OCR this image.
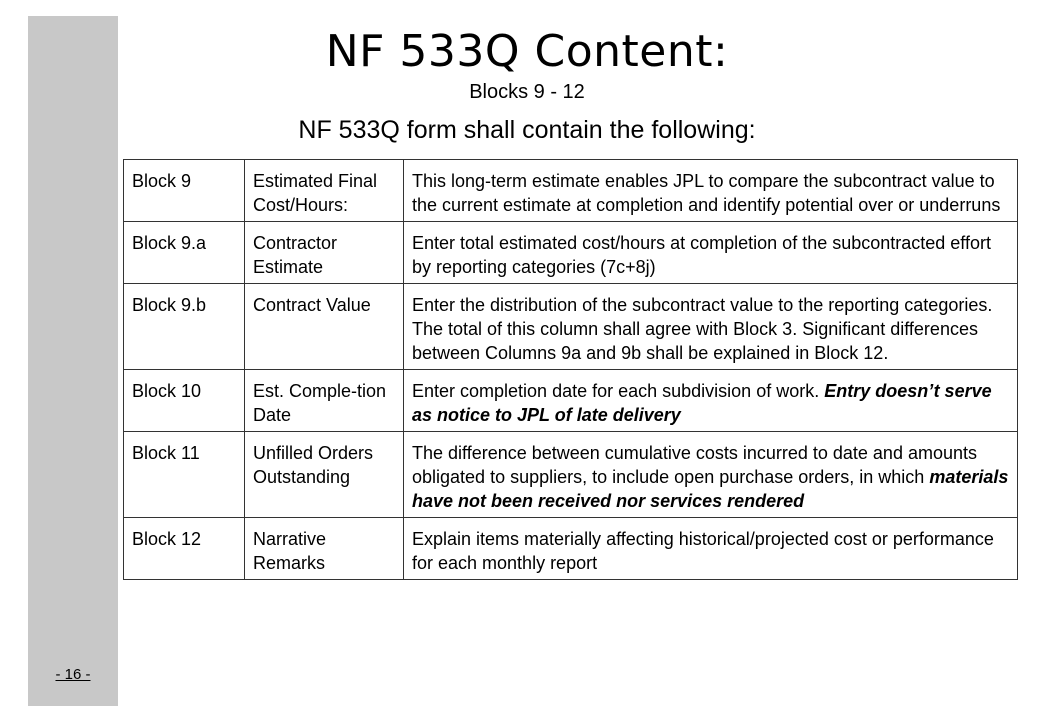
- 16 -
NF 533Q Content:
Blocks 9 - 12
NF 533Q form shall contain the following:
Block 9	Estimated Final Cost/Hours:	This long-term estimate enables JPL to compare the subcontract value to the current estimate at completion and identify potential over or underruns
Block 9.a	Contractor Estimate	Enter total estimated cost/hours at completion of the subcontracted effort by reporting categories (7c+8j)
Block 9.b	Contract Value	Enter the distribution of the subcontract value to the reporting categories. The total of this column shall agree with Block 3. Significant differences between Columns 9a and 9b shall be explained in Block 12.
Block 10	Est. Comple-tion Date	Enter completion date for each subdivision of work. Entry doesn’t serve as notice to JPL of late delivery
Block 11	Unfilled Orders Outstanding	The difference between cumulative costs incurred to date and amounts obligated to suppliers, to include open purchase orders, in which materials have not been received nor services rendered
Block 12	Narrative Remarks	Explain items materially affecting historical/projected cost or performance for each monthly report
